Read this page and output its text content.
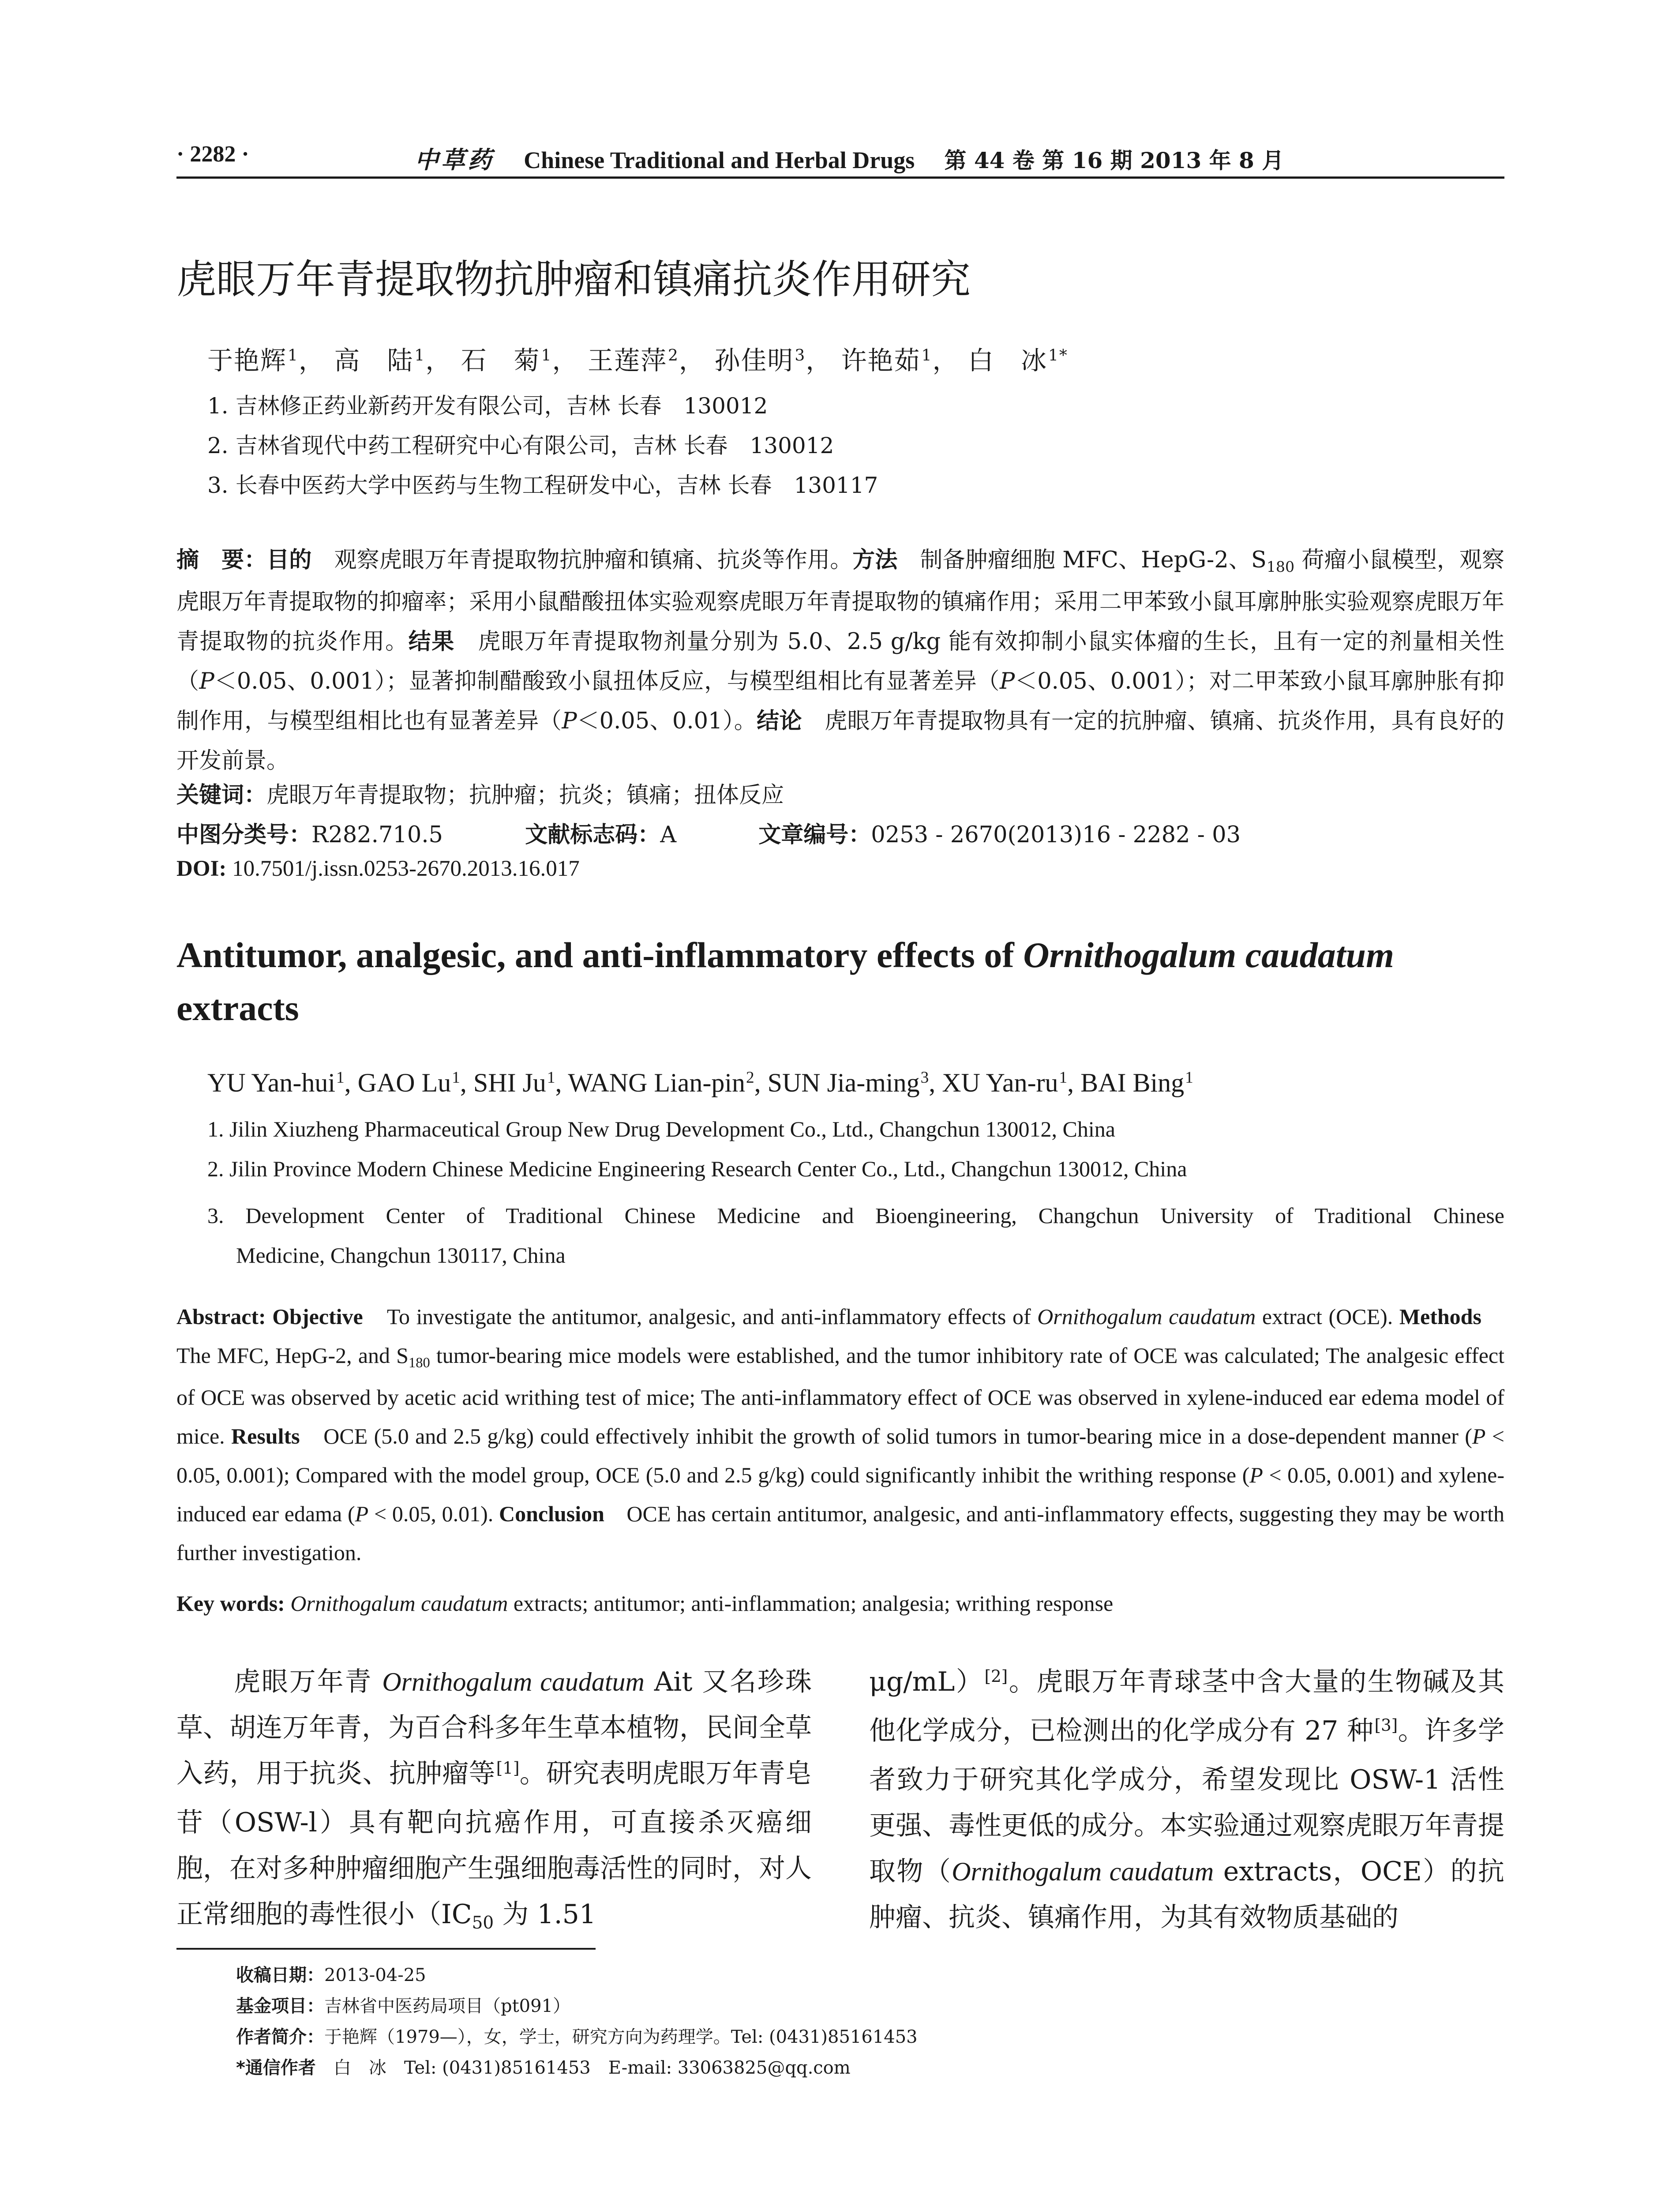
· 2282 ·	中草药 Chinese Traditional and Herbal Drugs 第 44 卷 第 16 期 2013 年 8 月
虎眼万年青提取物抗肿瘤和镇痛抗炎作用研究
于艳辉$^1$， 高　陆$^1$， 石　菊$^1$， 王莲萍$^2$， 孙佳明$^3$， 许艳茹$^1$， 白　冰$^{1*}$
1. 吉林修正药业新药开发有限公司，吉林 长春　130012
2. 吉林省现代中药工程研究中心有限公司，吉林 长春　130012
3. 长春中医药大学中医药与生物工程研发中心，吉林 长春　130117
摘　要：目的　观察虎眼万年青提取物抗肿瘤和镇痛、抗炎等作用。方法　制备肿瘤细胞 MFC、HepG-2、$S_{180}$ 荷瘤小鼠模型，观察虎眼万年青提取物的抑瘤率；采用小鼠醋酸扭体实验观察虎眼万年青提取物的镇痛作用；采用二甲苯致小鼠耳廓肿胀实验观察虎眼万年青提取物的抗炎作用。结果　虎眼万年青提取物剂量分别为 5.0、2.5 g/kg 能有效抑制小鼠实体瘤的生长，且有一定的剂量相关性（P＜0.05、0.001）；显著抑制醋酸致小鼠扭体反应，与模型组相比有显著差异（P＜0.05、0.001）；对二甲苯致小鼠耳廓肿胀有抑制作用，与模型组相比也有显著差异（P＜0.05、0.01）。结论　虎眼万年青提取物具有一定的抗肿瘤、镇痛、抗炎作用，具有良好的开发前景。
关键词：虎眼万年青提取物；抗肿瘤；抗炎；镇痛；扭体反应
中图分类号：R282.710.5	文献标志码：A	文章编号：0253 - 2670(2013)16 - 2282 - 03
DOI: 10.7501/j.issn.0253-2670.2013.16.017
Antitumor, analgesic, and anti-inflammatory effects of Ornithogalum caudatum extracts
YU Yan-hui$^1$, GAO Lu$^1$, SHI Ju$^1$, WANG Lian-pin$^2$, SUN Jia-ming$^3$, XU Yan-$ru^1$, BAI Bing$^1$
1. Jilin Xiuzheng Pharmaceutical Group New Drug Development Co., Ltd., Changchun 130012, China
2. Jilin Province Modern Chinese Medicine Engineering Research Center Co., Ltd., Changchun 130012, China
3. Development Center of Traditional Chinese Medicine and Bioengineering, Changchun University of Traditional Chinese
Medicine, Changchun 130117, China
Abstract: Objective　To investigate the antitumor, analgesic, and anti-inflammatory effects of Ornithogalum caudatum extract (OCE). Methods　The MFC, HepG-2, and $S_{180}$ tumor-bearing mice models were established, and the tumor inhibitory rate of OCE was calculated; The analgesic effect of OCE was observed by acetic acid writhing test of mice; The anti-inflammatory effect of OCE was observed in xylene-induced ear edema model of mice. Results　OCE (5.0 and 2.5 g/kg) could effectively inhibit the growth of solid tumors in tumor-bearing mice in a dose-dependent manner (P < 0.05, 0.001); Compared with the model group, OCE (5.0 and 2.5 g/kg) could significantly inhibit the writhing response (P < 0.05, 0.001) and xylene-induced ear edama (P < 0.05, 0.01). Conclusion　OCE has certain antitumor, analgesic, and anti-inflammatory effects, suggesting they may be worth further investigation.
Key words: Ornithogalum caudatum extracts; antitumor; anti-inflammation; analgesia; writhing response
虎眼万年青 Ornithogalum caudatum Ait 又名珍珠草、胡连万年青，为百合科多年生草本植物，民间全草入药，用于抗炎、抗肿瘤等[1]。研究表明虎眼万年青皂苷（OSW-l）具有靶向抗癌作用，可直接杀灭癌细胞，在对多种肿瘤细胞产生强细胞毒活性的同时，对人正常细胞的毒性很小（$IC_{50}$ 为 1.51
μg/mL）[2]。虎眼万年青球茎中含大量的生物碱及其他化学成分，已检测出的化学成分有 27 种[3]。许多学者致力于研究其化学成分，希望发现比 OSW-1 活性更强、毒性更低的成分。本实验通过观察虎眼万年青提取物（Ornithogalum caudatum extracts，OCE）的抗肿瘤、抗炎、镇痛作用，为其有效物质基础的
收稿日期：2013-04-25
基金项目：吉林省中医药局项目（pt091）
作者简介：于艳辉（1979—），女，学士，研究方向为药理学。Tel: (0431)85161453
*通信作者　白　冰　Tel: (0431)85161453　E-mail: 33063825@qq.com
